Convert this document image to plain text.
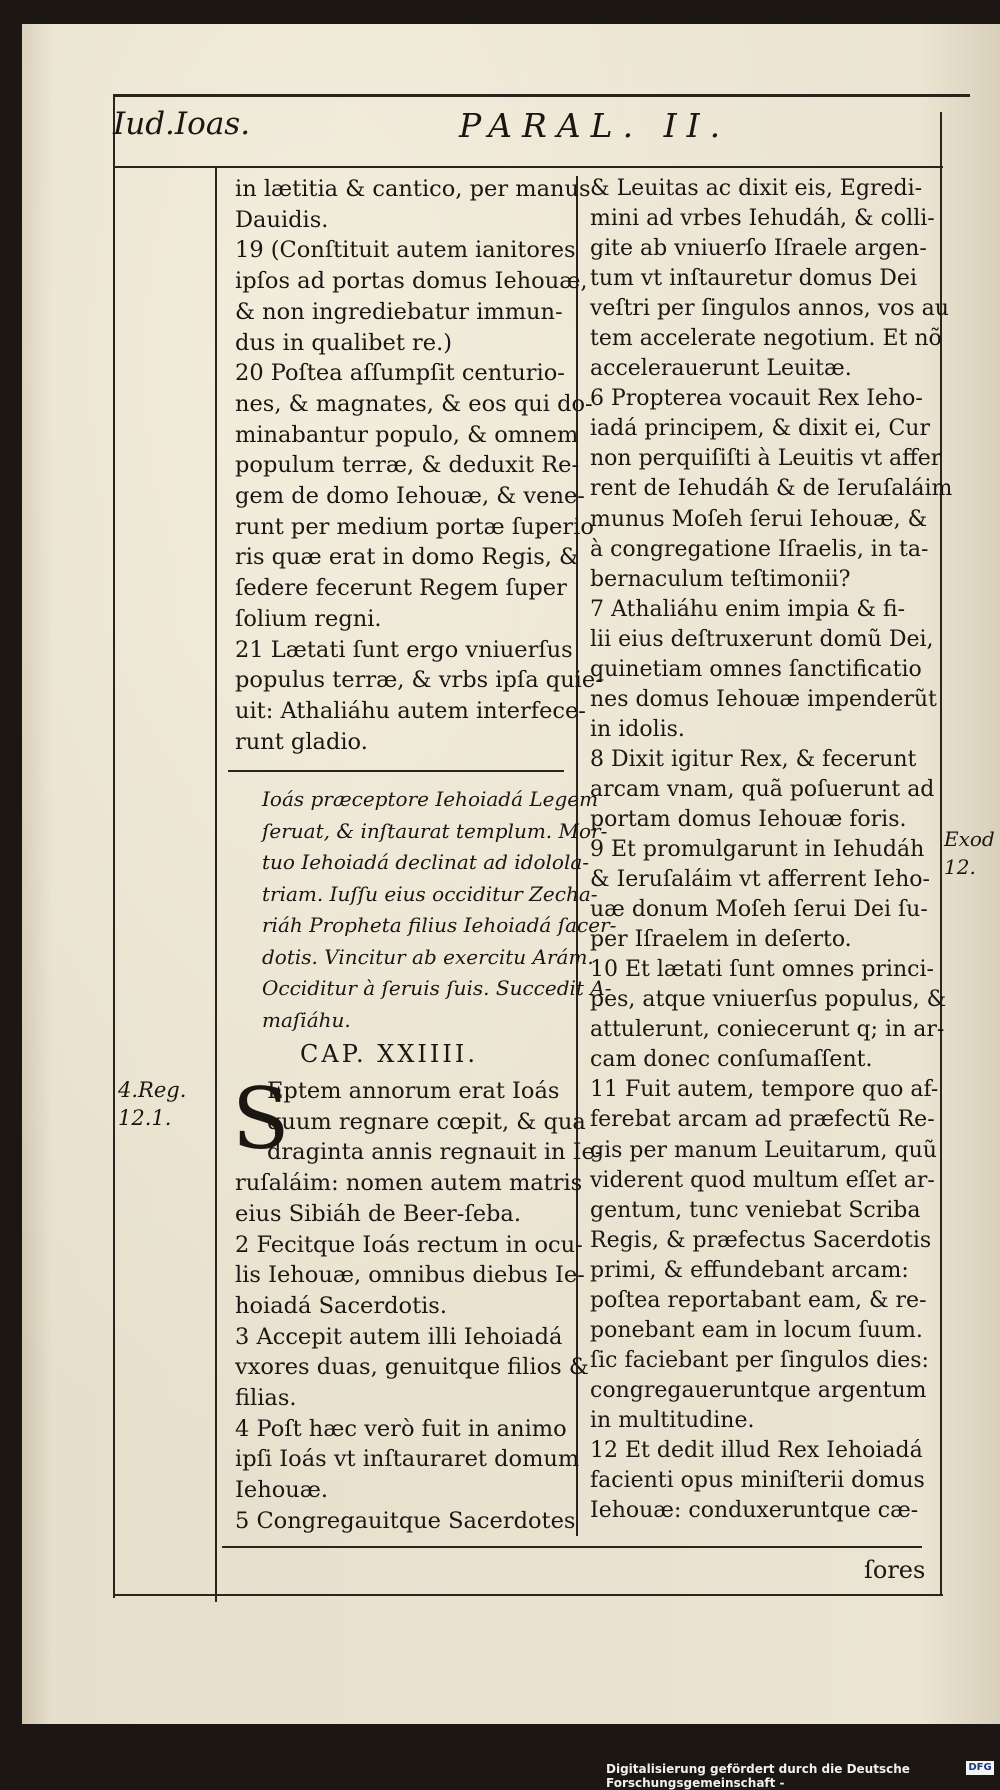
Iud.Ioas.	PARAL. II.
in lætitia & cantico, per manus
Dauidis.
19 (Conſtituit autem ianitores
ipſos ad portas domus Iehouæ,
& non ingrediebatur immun-
dus in qualibet re.)
20 Poſtea aſſumpſit centurio-
nes, & magnates, & eos qui do-
minabantur populo, & omnem
populum terræ, & deduxit Re-
gem de domo Iehouæ, & vene-
runt per medium portæ ſuperio
ris quæ erat in domo Regis, &
ſedere fecerunt Regem ſuper
ſolium regni.
21 Lætati ſunt ergo vniuerſus
populus terræ, & vrbs ipſa quie-
uit: Athaliáhu autem interfece-
runt gladio.
Ioás præceptore Iehoiadá Legem
ſeruat, & inſtaurat templum. Mor-
tuo Iehoiadá declinat ad idolola-
triam. Iuſſu eius occiditur Zecha-
riáh Propheta filius Iehoiadá ſacer-
dotis. Vincitur ab exercitu Arám.
Occiditur à ſeruis ſuis. Succedit A-
maſiáhu.
CAP. XXIIII.
4.Reg.
12.1.
Exod
12.
S
Eptem annorum erat Ioás
quum regnare cœpit, & qua
draginta annis regnauit in Ie-
ruſaláim: nomen autem matris
eius Sibiáh de Beer-ſeba.
2 Fecitque Ioás rectum in ocu-
lis Iehouæ, omnibus diebus Ie-
hoiadá Sacerdotis.
3 Accepit autem illi Iehoiadá
vxores duas, genuitque filios &
filias.
4 Poſt hæc verò fuit in animo
ipſi Ioás vt inſtauraret domum
Iehouæ.
5 Congregauitque Sacerdotes
& Leuitas ac dixit eis, Egredi-
mini ad vrbes Iehudáh, & colli-
gite ab vniuerſo Iſraele argen-
tum vt inſtauretur domus Dei
veſtri per ſingulos annos, vos au
tem accelerate negotium. Et nõ
accelerauerunt Leuitæ.
6 Propterea vocauit Rex Ieho-
iadá principem, & dixit ei, Cur
non perquiſiſti à Leuitis vt affer
rent de Iehudáh & de Ieruſaláim
munus Moſeh ſerui Iehouæ, &
à congregatione Iſraelis, in ta-
bernaculum teſtimonii?
7 Athaliáhu enim impia & fi-
lii eius deſtruxerunt domũ Dei,
quinetiam omnes ſanctificatio
nes domus Iehouæ impenderũt
in idolis.
8 Dixit igitur Rex, & fecerunt
arcam vnam, quã poſuerunt ad
portam domus Iehouæ foris.
9 Et promulgarunt in Iehudáh
& Ieruſaláim vt afferrent Ieho-
uæ donum Moſeh ſerui Dei ſu-
per Iſraelem in deſerto.
10 Et lætati ſunt omnes princi-
pes, atque vniuerſus populus, &
attulerunt, coniecerunt q; in ar-
cam donec conſumaſſent.
11 Fuit autem, tempore quo af-
ferebat arcam ad præfectũ Re-
gis per manum Leuitarum, quũ
viderent quod multum eſſet ar-
gentum, tunc veniebat Scriba
Regis, & præfectus Sacerdotis
primi, & effundebant arcam:
poſtea reportabant eam, & re-
ponebant eam in locum ſuum.
ſic faciebant per ſingulos dies:
congregaueruntque argentum
in multitudine.
12 Et dedit illud Rex Iehoiadá
facienti opus miniſterii domus
Iehouæ: conduxeruntque cæ-
ſores
Digitalisierung gefördert durch die Deutsche Forschungsgemeinschaft -
DFG
